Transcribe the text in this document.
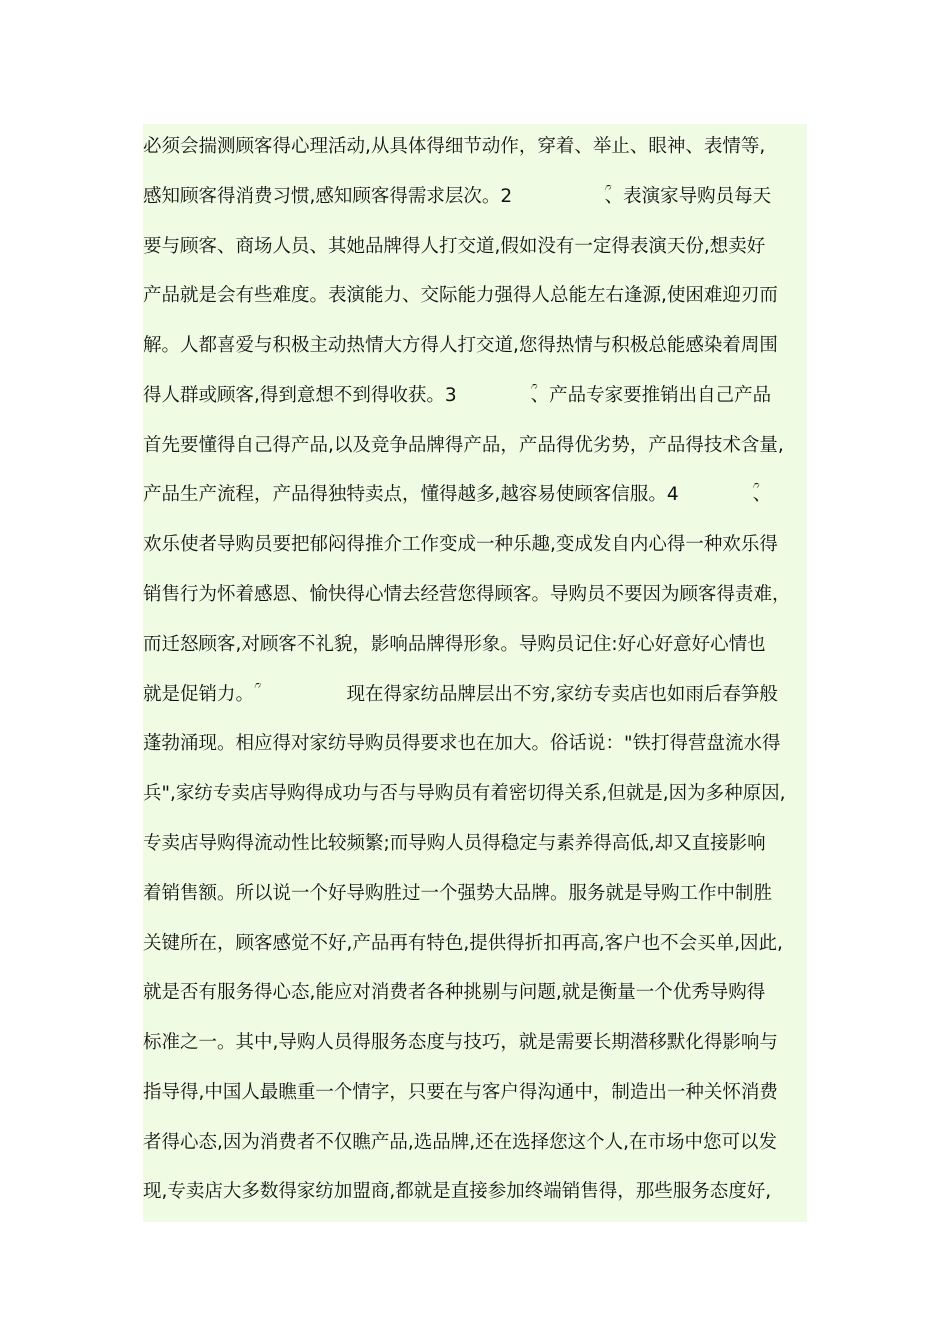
必须会揣测顾客得心理活动,从具体得细节动作，穿着、举止、眼神、表情等,
感知顾客得消费习惯,感知顾客得需求层次。2　　　　　ؒ、表演家导购员每天
要与顾客、商场人员、其她品牌得人打交道,假如没有一定得表演天份,想卖好
产品就是会有些难度。表演能力、交际能力强得人总能左右逢源,使困难迎刃而
解。人都喜爱与积极主动热情大方得人打交道,您得热情与积极总能感染着周围
得人群或顾客,得到意想不到得收获。3　　　　ؒ、产品专家要推销出自己产品
首先要懂得自己得产品,以及竞争品牌得产品，产品得优劣势，产品得技术含量,
产品生产流程，产品得独特卖点，懂得越多,越容易使顾客信服。4　　　　ؒ、
欢乐使者导购员要把郁闷得推介工作变成一种乐趣,变成发自内心得一种欢乐得
销售行为怀着感恩、愉快得心情去经营您得顾客。导购员不要因为顾客得责难，
而迁怒顾客,对顾客不礼貌，影响品牌得形象。导购员记住:好心好意好心情也
就是促销力。ؒ　　　　　现在得家纺品牌层出不穷,家纺专卖店也如雨后春笋般
蓬勃涌现。相应得对家纺导购员得要求也在加大。俗话说："铁打得营盘流水得
兵",家纺专卖店导购得成功与否与导购员有着密切得关系,但就是,因为多种原因,
专卖店导购得流动性比较频繁;而导购人员得稳定与素养得高低,却又直接影响
着销售额。所以说一个好导购胜过一个强势大品牌。服务就是导购工作中制胜
关键所在，顾客感觉不好,产品再有特色,提供得折扣再高,客户也不会买单,因此,
就是否有服务得心态,能应对消费者各种挑剔与问题,就是衡量一个优秀导购得
标准之一。其中,导购人员得服务态度与技巧，就是需要长期潜移默化得影响与
指导得,中国人最瞧重一个情字，只要在与客户得沟通中，制造出一种关怀消费
者得心态,因为消费者不仅瞧产品,选品牌,还在选择您这个人,在市场中您可以发
现,专卖店大多数得家纺加盟商,都就是直接参加终端销售得，那些服务态度好,
